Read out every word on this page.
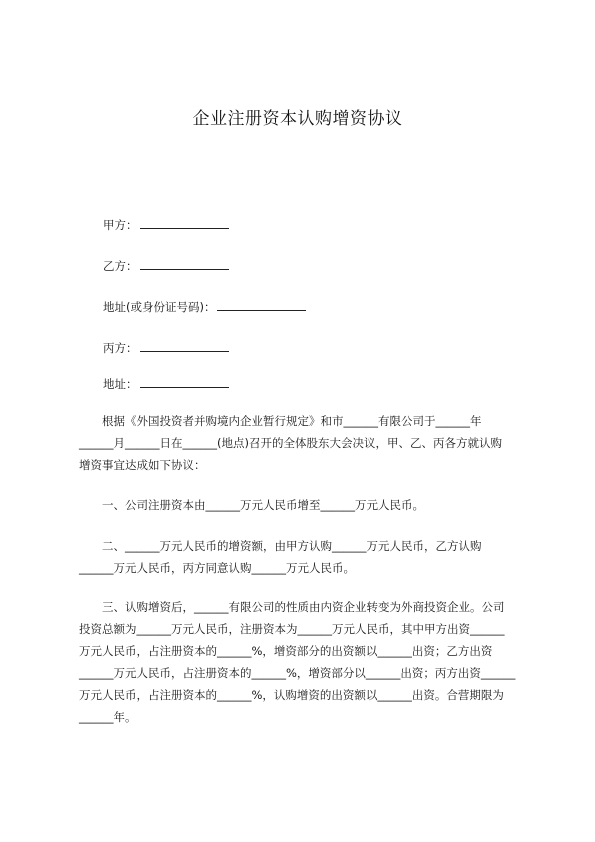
企业注册资本认购增资协议
甲方：
乙方：
地址(或身份证号码)：
丙方：
地址：
根据《外国投资者并购境内企业暂行规定》和市______有限公司于______年
______月______日在______(地点)召开的全体股东大会决议，甲、乙、丙各方就认购
增资事宜达成如下协议：
一、公司注册资本由______万元人民币增至______万元人民币。
二、______万元人民币的增资额，由甲方认购______万元人民币，乙方认购
______万元人民币，丙方同意认购______万元人民币。
三、认购增资后，______有限公司的性质由内资企业转变为外商投资企业。公司
投资总额为______万元人民币，注册资本为______万元人民币，其中甲方出资______
万元人民币，占注册资本的______%，增资部分的出资额以______出资；乙方出资
______万元人民币，占注册资本的______%，增资部分以______出资；丙方出资______
万元人民币，占注册资本的______%，认购增资的出资额以______出资。合营期限为
______年。
